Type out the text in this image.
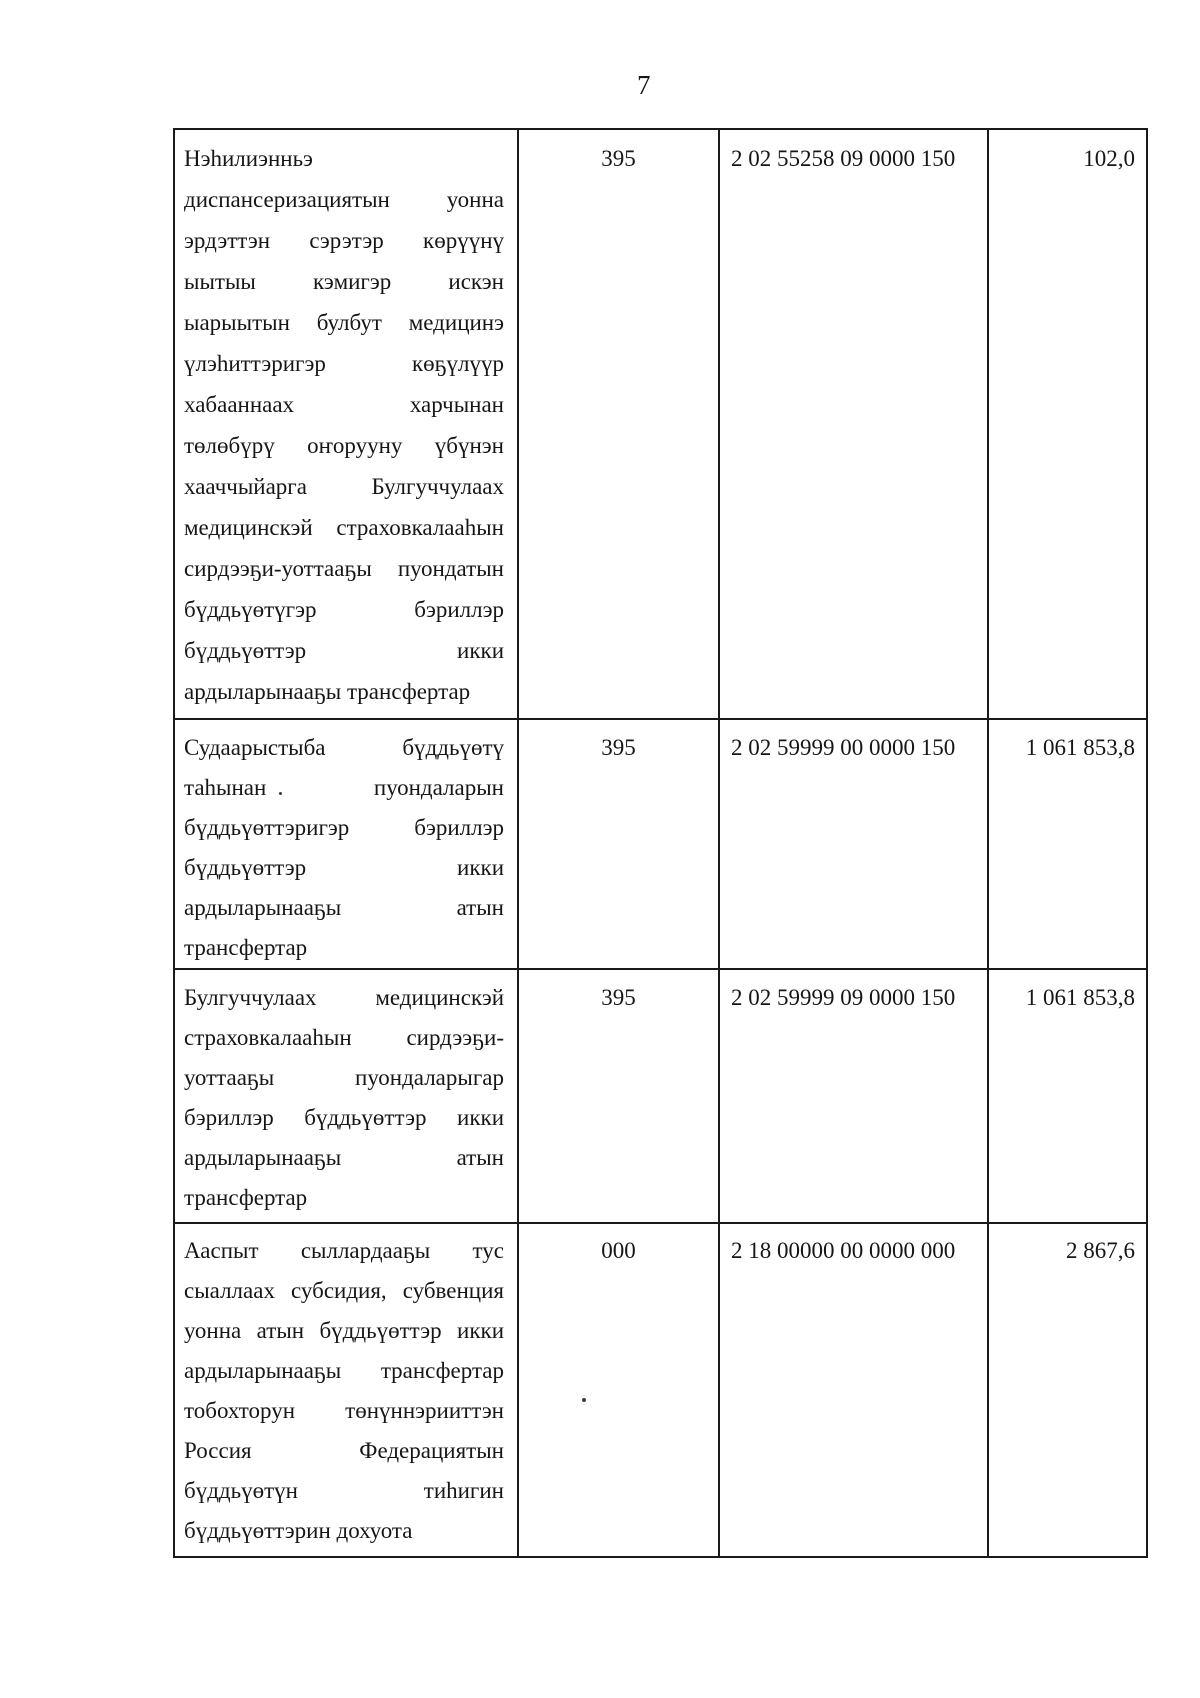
7
Нэһилиэнньэ
диспансеризациятын уонна
эрдэттэн сэрэтэр көрүүнү
ыытыы кэмигэр искэн
ыарыытын булбут медицинэ
үлэһиттэригэр	көҕүлүүр
хабааннаах	харчынан
төлөбүрү оҥорууну үбүнэн
хааччыйарга	Булгуччулаах
медицинскэй страховкалааһын
сирдээҕи-уоттааҕы пуондатын
бүддьүөтүгэр	бэриллэр
бүддьүөттэр	икки
ардыларынааҕы трансфертар
395	2 02 55258 09 0000 150	102,0
Судаарыстыба	бүддьүөтү
таһынан	пуондаларын
бүддьүөттэригэр	бэриллэр
бүддьүөттэр	икки
ардыларынааҕы	атын
трансфертар
395	2 02 59999 00 0000 150	1 061 853,8
Булгуччулаах	медицинскэй
страховкалааһын сирдээҕи-
уоттааҕы	пуондаларыгар
бэриллэр бүддьүөттэр икки
ардыларынааҕы	атын
трансфертар
395	2 02 59999 09 0000 150	1 061 853,8
Ааспыт сыллардааҕы тус
сыаллаах субсидия, субвенция
уонна атын бүддьүөттэр икки
ардыларынааҕы трансфертар
тобохторун төнүннэрииттэн
Россия	Федерациятын
бүддьүөтүн	тиһигин
бүддьүөттэрин дохуота
000	2 18 00000 00 0000 000	2 867,6
